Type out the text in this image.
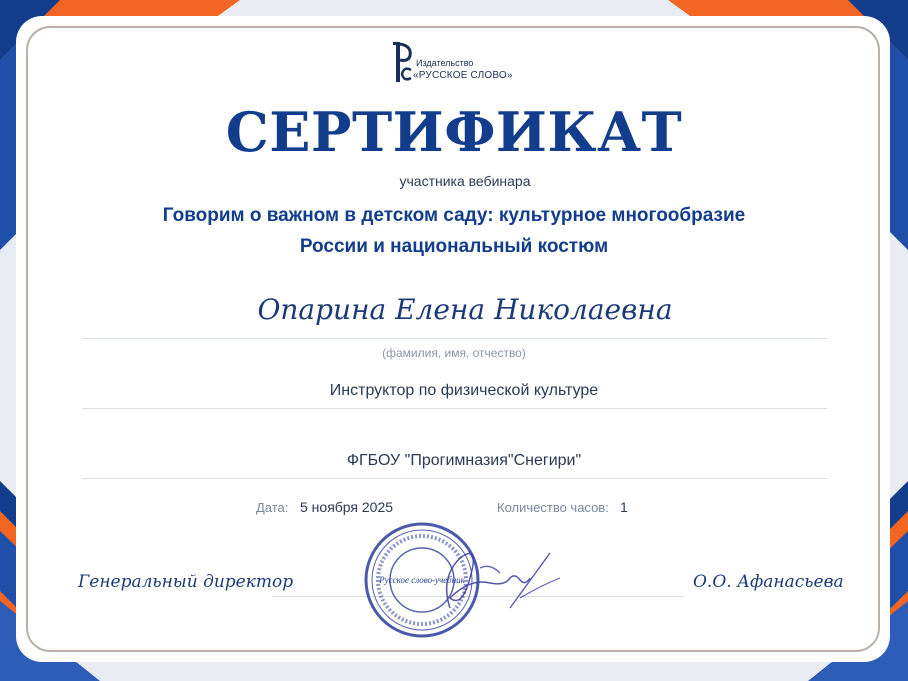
Издательство
«РУССКОЕ СЛОВО»
СЕРТИФИКАТ
участника вебинара
Говорим о важном в детском саду: культурное многообразие
России и национальный костюм
Опарина Елена Николаевна
(фамилия, имя, отчество)
Инструктор по физической культуре
ФГБОУ "Прогимназия"Снегири"
Дата: 5 ноября 2025	Количество часов: 1
Генеральный директор	О.О. Афанасьева
Русское слово-учебник
